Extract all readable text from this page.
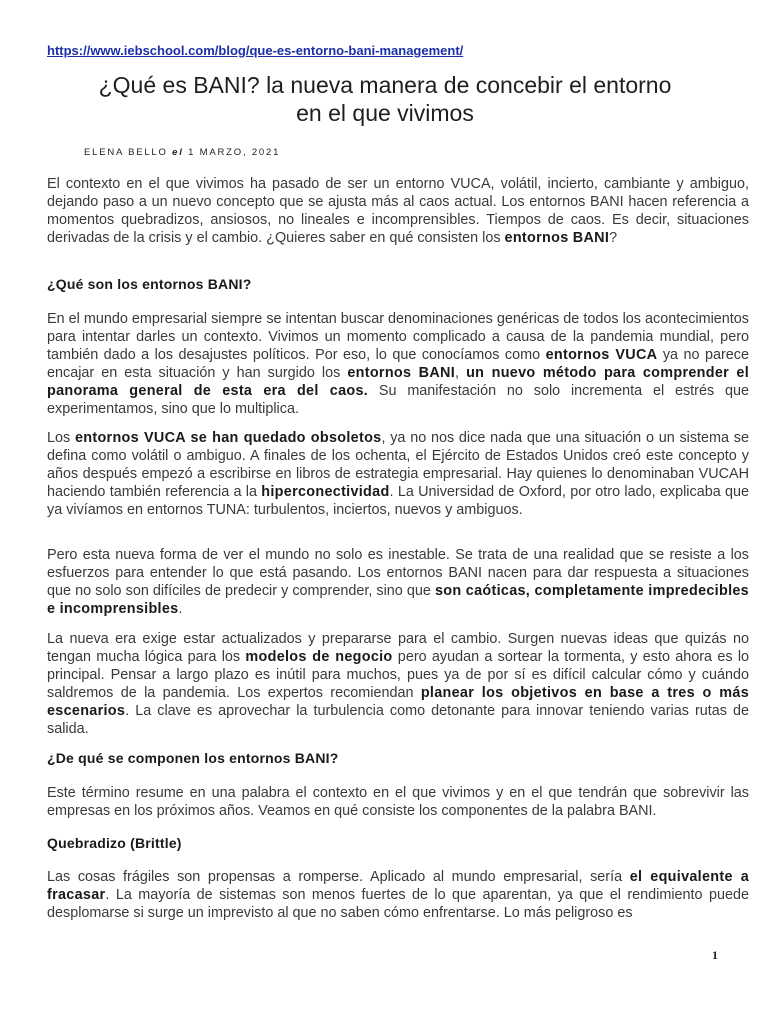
https://www.iebschool.com/blog/que-es-entorno-bani-management/
¿Qué es BANI? la nueva manera de concebir el entorno
en el que vivimos
ELENA BELLO el 1 MARZO, 2021

El contexto en el que vivimos ha pasado de ser un entorno VUCA, volátil, incierto, cambiante y ambiguo, dejando paso a un nuevo concepto que se ajusta más al caos actual. Los entornos BANI hacen referencia a momentos quebradizos, ansiosos, no lineales e incomprensibles. Tiempos de caos. Es decir, situaciones derivadas de la crisis y el cambio. ¿Quieres saber en qué consisten los entornos BANI?

¿Qué son los entornos BANI?

En el mundo empresarial siempre se intentan buscar denominaciones genéricas de todos los acontecimientos para intentar darles un contexto. Vivimos un momento complicado a causa de la pandemia mundial, pero también dado a los desajustes políticos. Por eso, lo que conocíamos como entornos VUCA ya no parece encajar en esta situación y han surgido los entornos BANI, un nuevo método para comprender el panorama general de esta era del caos. Su manifestación no solo incrementa el estrés que experimentamos, sino que lo multiplica.

Los entornos VUCA se han quedado obsoletos, ya no nos dice nada que una situación o un sistema se defina como volátil o ambiguo. A finales de los ochenta, el Ejército de Estados Unidos creó este concepto y años después empezó a escribirse en libros de estrategia empresarial. Hay quienes lo denominaban VUCAH haciendo también referencia a la hiperconectividad. La Universidad de Oxford, por otro lado, explicaba que ya vivíamos en entornos TUNA: turbulentos, inciertos, nuevos y ambiguos.

Pero esta nueva forma de ver el mundo no solo es inestable. Se trata de una realidad que se resiste a los esfuerzos para entender lo que está pasando. Los entornos BANI nacen para dar respuesta a situaciones que no solo son difíciles de predecir y comprender, sino que son caóticas, completamente impredecibles e incomprensibles.

La nueva era exige estar actualizados y prepararse para el cambio. Surgen nuevas ideas que quizás no tengan mucha lógica para los modelos de negocio pero ayudan a sortear la tormenta, y esto ahora es lo principal. Pensar a largo plazo es inútil para muchos, pues ya de por sí es difícil calcular cómo y cuándo saldremos de la pandemia. Los expertos recomiendan planear los objetivos en base a tres o más escenarios. La clave es aprovechar la turbulencia como detonante para innovar teniendo varias rutas de salida.

¿De qué se componen los entornos BANI?

Este término resume en una palabra el contexto en el que vivimos y en el que tendrán que sobrevivir las empresas en los próximos años. Veamos en qué consiste los componentes de la palabra BANI.

Quebradizo (Brittle)

Las cosas frágiles son propensas a romperse. Aplicado al mundo empresarial, sería el equivalente a fracasar. La mayoría de sistemas son menos fuertes de lo que aparentan, ya que el rendimiento puede desplomarse si surge un imprevisto al que no saben cómo enfrentarse. Lo más peligroso es

1
